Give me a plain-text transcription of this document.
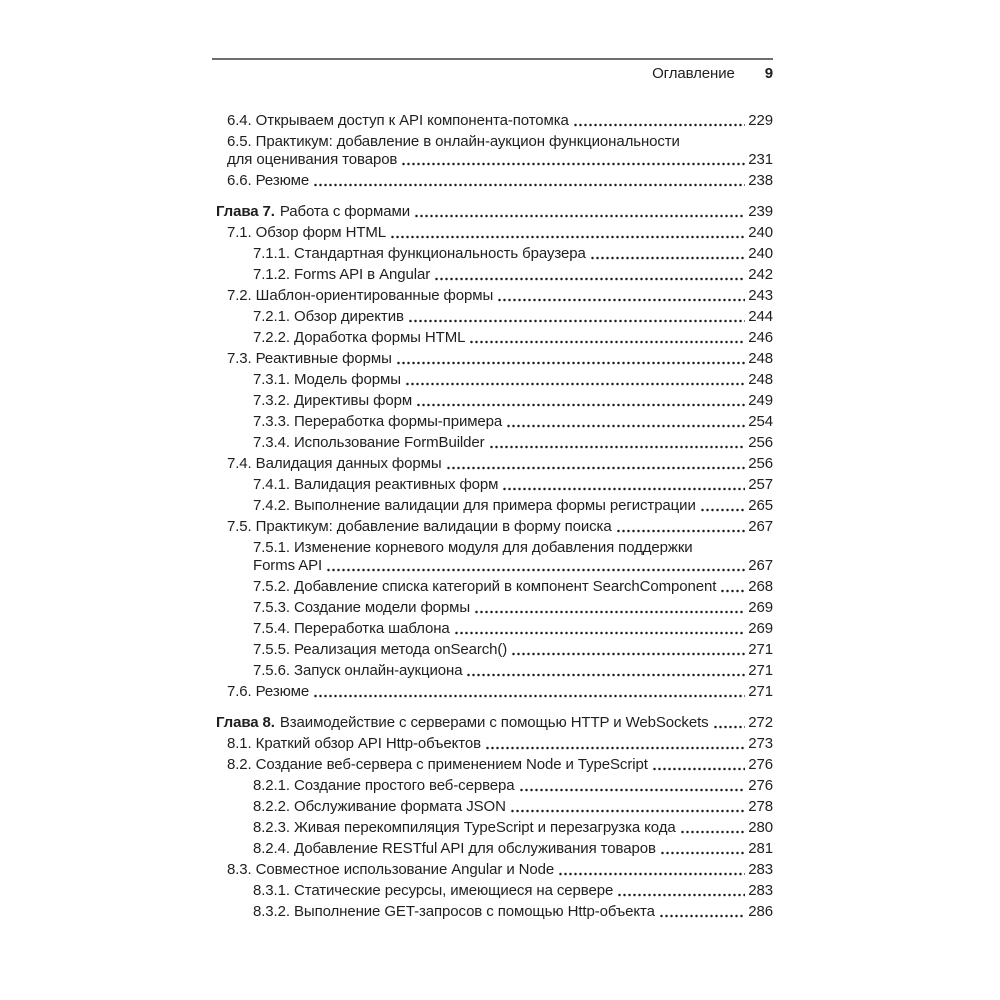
Оглавление 9
6.4. Открываем доступ к API компонента-потомка	229
6.5. Практикум: добавление в онлайн-аукцион функциональности
для оценивания товаров	231
6.6. Резюме	238
Глава 7. Работа с формами	239
7.1. Обзор форм HTML	240
7.1.1. Стандартная функциональность браузера	240
7.1.2. Forms API в Angular	242
7.2. Шаблон-ориентированные формы	243
7.2.1. Обзор директив	244
7.2.2. Доработка формы HTML	246
7.3. Реактивные формы	248
7.3.1. Модель формы	248
7.3.2. Директивы форм	249
7.3.3. Переработка формы-примера	254
7.3.4. Использование FormBuilder	256
7.4. Валидация данных формы	256
7.4.1. Валидация реактивных форм	257
7.4.2. Выполнение валидации для примера формы регистрации	265
7.5. Практикум: добавление валидации в форму поиска	267
7.5.1. Изменение корневого модуля для добавления поддержки
Forms API	267
7.5.2. Добавление списка категорий в компонент SearchComponent 268
7.5.3. Создание модели формы	269
7.5.4. Переработка шаблона	269
7.5.5. Реализация метода onSearch()	271
7.5.6. Запуск онлайн-аукциона	271
7.6. Резюме	271
Глава 8. Взаимодействие с серверами с помощью HTTP и WebSockets	272
8.1. Краткий обзор API Http-объектов	273
8.2. Создание веб-сервера с применением Node и TypeScript	276
8.2.1. Создание простого веб-сервера	276
8.2.2. Обслуживание формата JSON	278
8.2.3. Живая перекомпиляция TypeScript и перезагрузка кода	280
8.2.4. Добавление RESTful API для обслуживания товаров	281
8.3. Совместное использование Angular и Node	283
8.3.1. Статические ресурсы, имеющиеся на сервере	283
8.3.2. Выполнение GET-запросов с помощью Http-объекта	286
